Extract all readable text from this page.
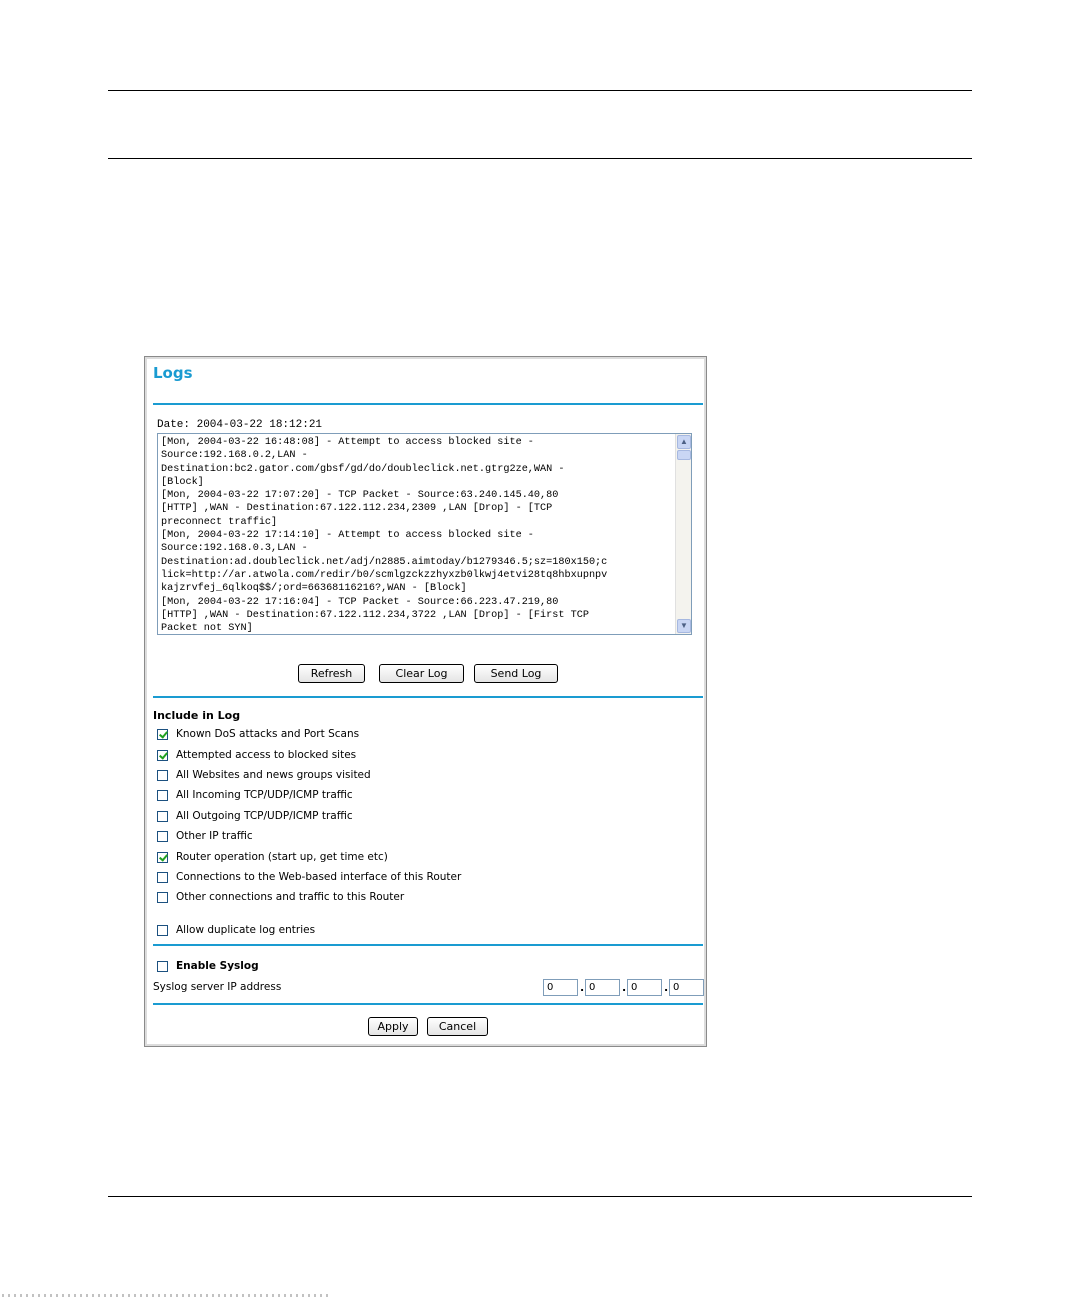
Logs
Date: 2004-03-22 18:12:21
[Mon, 2004-03-22 16:48:08] - Attempt to access blocked site -
Source:192.168.0.2,LAN -
Destination:bc2.gator.com/gbsf/gd/do/doubleclick.net.gtrg2ze,WAN -
[Block]
[Mon, 2004-03-22 17:07:20] - TCP Packet - Source:63.240.145.40,80
[HTTP] ,WAN - Destination:67.122.112.234,2309 ,LAN [Drop] - [TCP
preconnect traffic]
[Mon, 2004-03-22 17:14:10] - Attempt to access blocked site -
Source:192.168.0.3,LAN -
Destination:ad.doubleclick.net/adj/n2885.aimtoday/b1279346.5;sz=180x150;c
lick=http://ar.atwola.com/redir/b0/scmlgzckzzhyxzb0lkwj4etvi28tq8hbxupnpv
kajzrvfej_6qlkoq$$/;ord=66368116216?,WAN - [Block]
[Mon, 2004-03-22 17:16:04] - TCP Packet - Source:66.223.47.219,80
[HTTP] ,WAN - Destination:67.122.112.234,3722 ,LAN [Drop] - [First TCP
Packet not SYN]
▲
▼
Refresh	Clear Log	Send Log
Include in Log
Known DoS attacks and Port Scans
Attempted access to blocked sites
All Websites and news groups visited
All Incoming TCP/UDP/ICMP traffic
All Outgoing TCP/UDP/ICMP traffic
Other IP traffic
Router operation (start up, get time etc)
Connections to the Web-based interface of this Router
Other connections and traffic to this Router
Allow duplicate log entries
Enable Syslog
Syslog server IP address
0	.
0	.
0	.
0
Apply	Cancel
